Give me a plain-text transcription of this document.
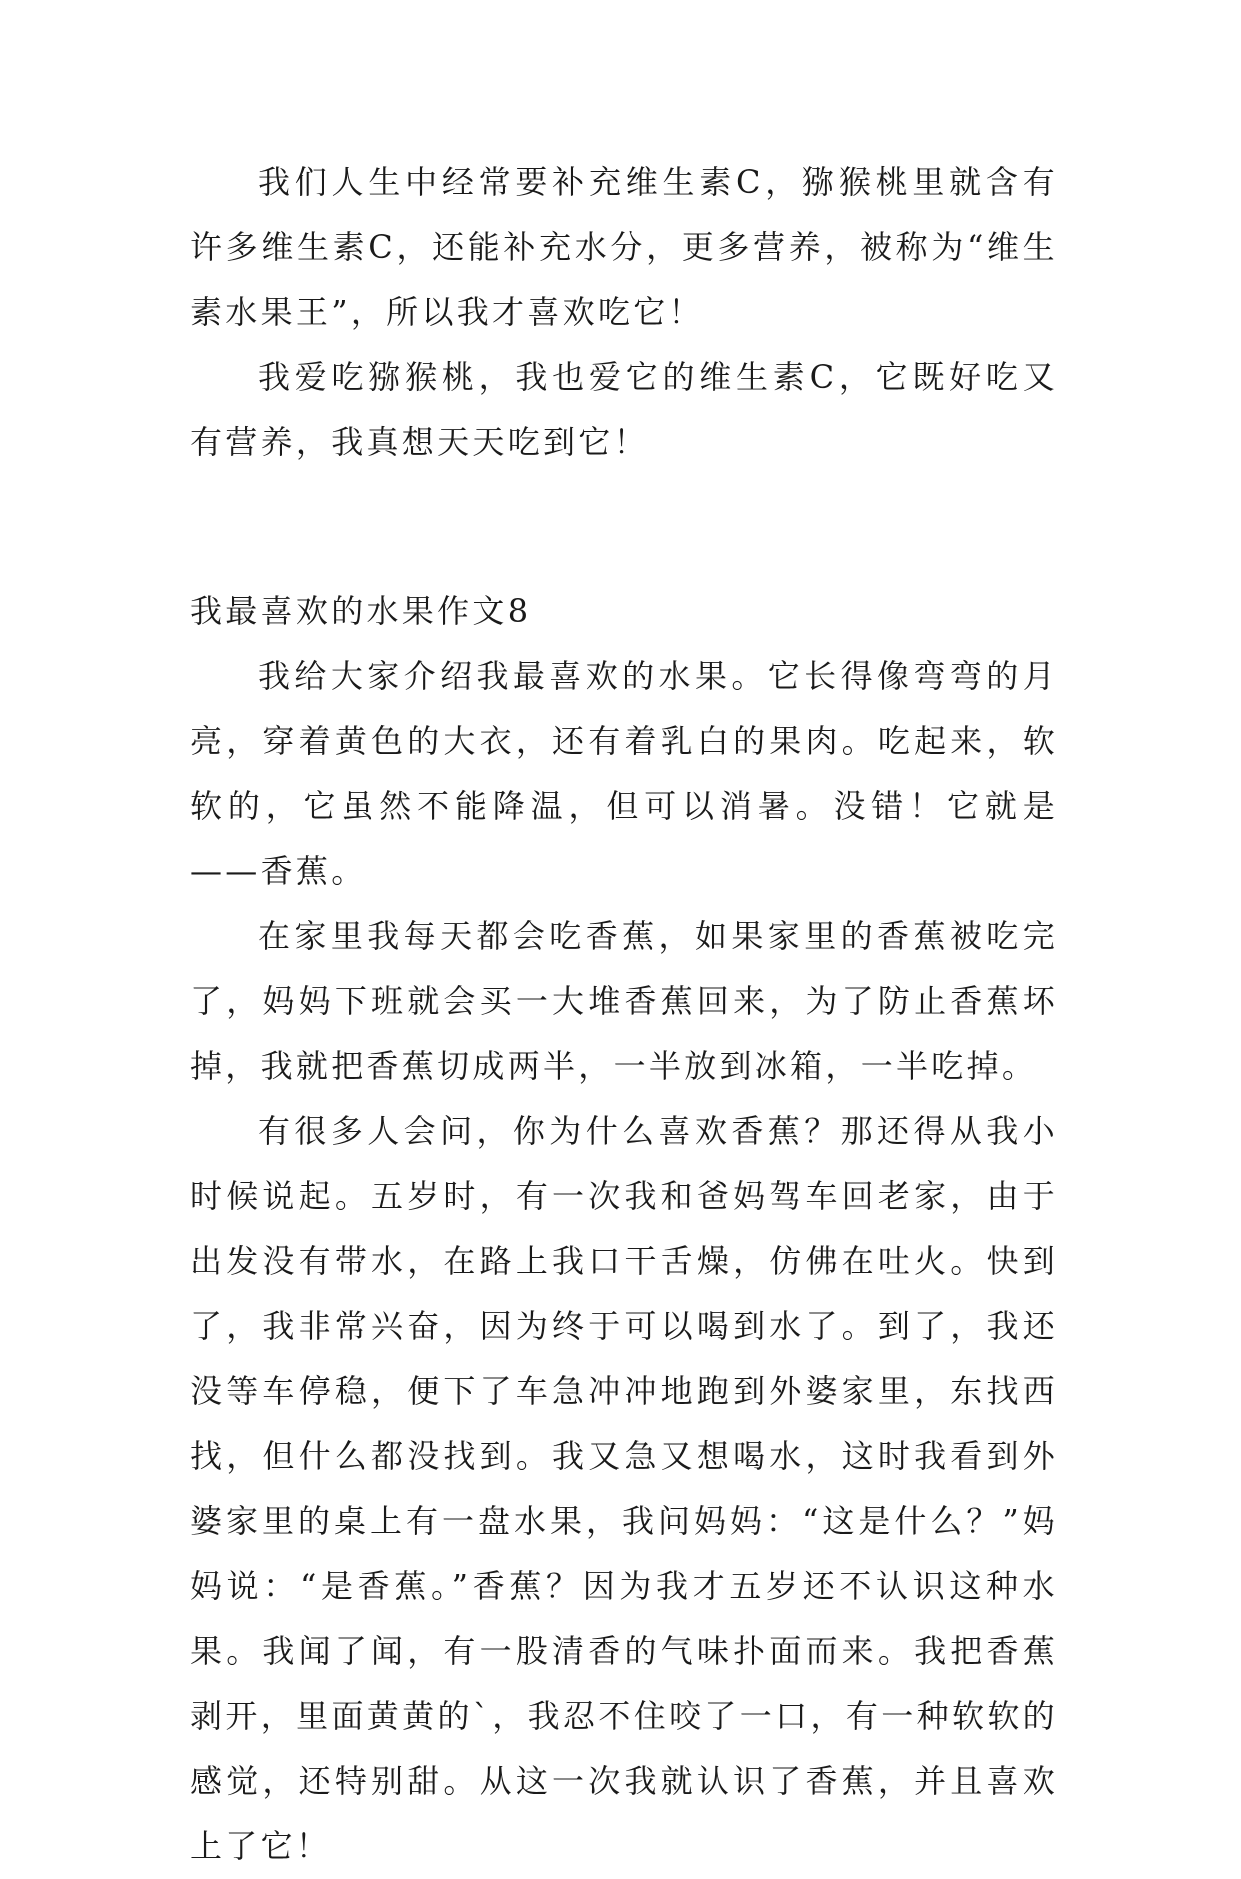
我们人生中经常要补充维生素C，猕猴桃里就含有许多维生素C，还能补充水分，更多营养，被称为“维生素水果王”，所以我才喜欢吃它！

我爱吃猕猴桃，我也爱它的维生素C，它既好吃又有营养，我真想天天吃到它！

我最喜欢的水果作文8

我给大家介绍我最喜欢的水果。它长得像弯弯的月亮，穿着黄色的大衣，还有着乳白的果肉。吃起来，软软的，它虽然不能降温，但可以消暑。没错！它就是——香蕉。

在家里我每天都会吃香蕉，如果家里的香蕉被吃完了，妈妈下班就会买一大堆香蕉回来，为了防止香蕉坏掉，我就把香蕉切成两半，一半放到冰箱，一半吃掉。

有很多人会问，你为什么喜欢香蕉？那还得从我小时候说起。五岁时，有一次我和爸妈驾车回老家，由于出发没有带水，在路上我口干舌燥，仿佛在吐火。快到了，我非常兴奋，因为终于可以喝到水了。到了，我还没等车停稳，便下了车急冲冲地跑到外婆家里，东找西找，但什么都没找到。我又急又想喝水，这时我看到外婆家里的桌上有一盘水果，我问妈妈：“这是什么？”妈妈说：“是香蕉。”香蕉？因为我才五岁还不认识这种水果。我闻了闻，有一股清香的气味扑面而来。我把香蕉剥开，里面黄黄的`，我忍不住咬了一口，有一种软软的感觉，还特别甜。从这一次我就认识了香蕉，并且喜欢上了它！
